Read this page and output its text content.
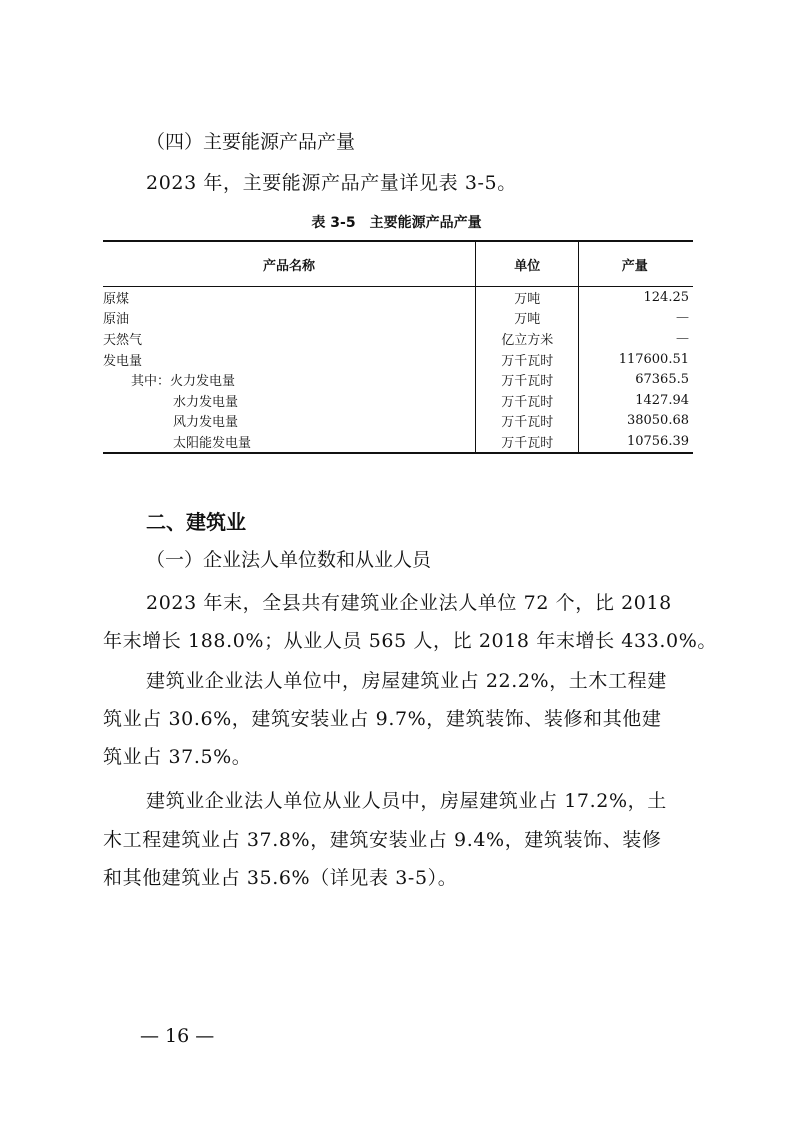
（四）主要能源产品产量
2023 年，主要能源产品产量详见表 3-5。
表 3-5　主要能源产品产量
产品名称	单位	产量
原煤	万吨	124.25
原油	万吨	—
天然气	亿立方米	—
发电量	万千瓦时	117600.51
其中：火力发电量	万千瓦时	67365.5
水力发电量	万千瓦时	1427.94
风力发电量	万千瓦时	38050.68
太阳能发电量	万千瓦时	10756.39
二、建筑业
（一）企业法人单位数和从业人员
2023 年末，全县共有建筑业企业法人单位 72 个，比 2018
年末增长 188.0%；从业人员 565 人，比 2018 年末增长 433.0%。
建筑业企业法人单位中，房屋建筑业占 22.2%，土木工程建
筑业占 30.6%，建筑安装业占 9.7%，建筑装饰、装修和其他建
筑业占 37.5%。
建筑业企业法人单位从业人员中，房屋建筑业占 17.2%，土
木工程建筑业占 37.8%，建筑安装业占 9.4%，建筑装饰、装修
和其他建筑业占 35.6%（详见表 3-5）。
— 16 —
